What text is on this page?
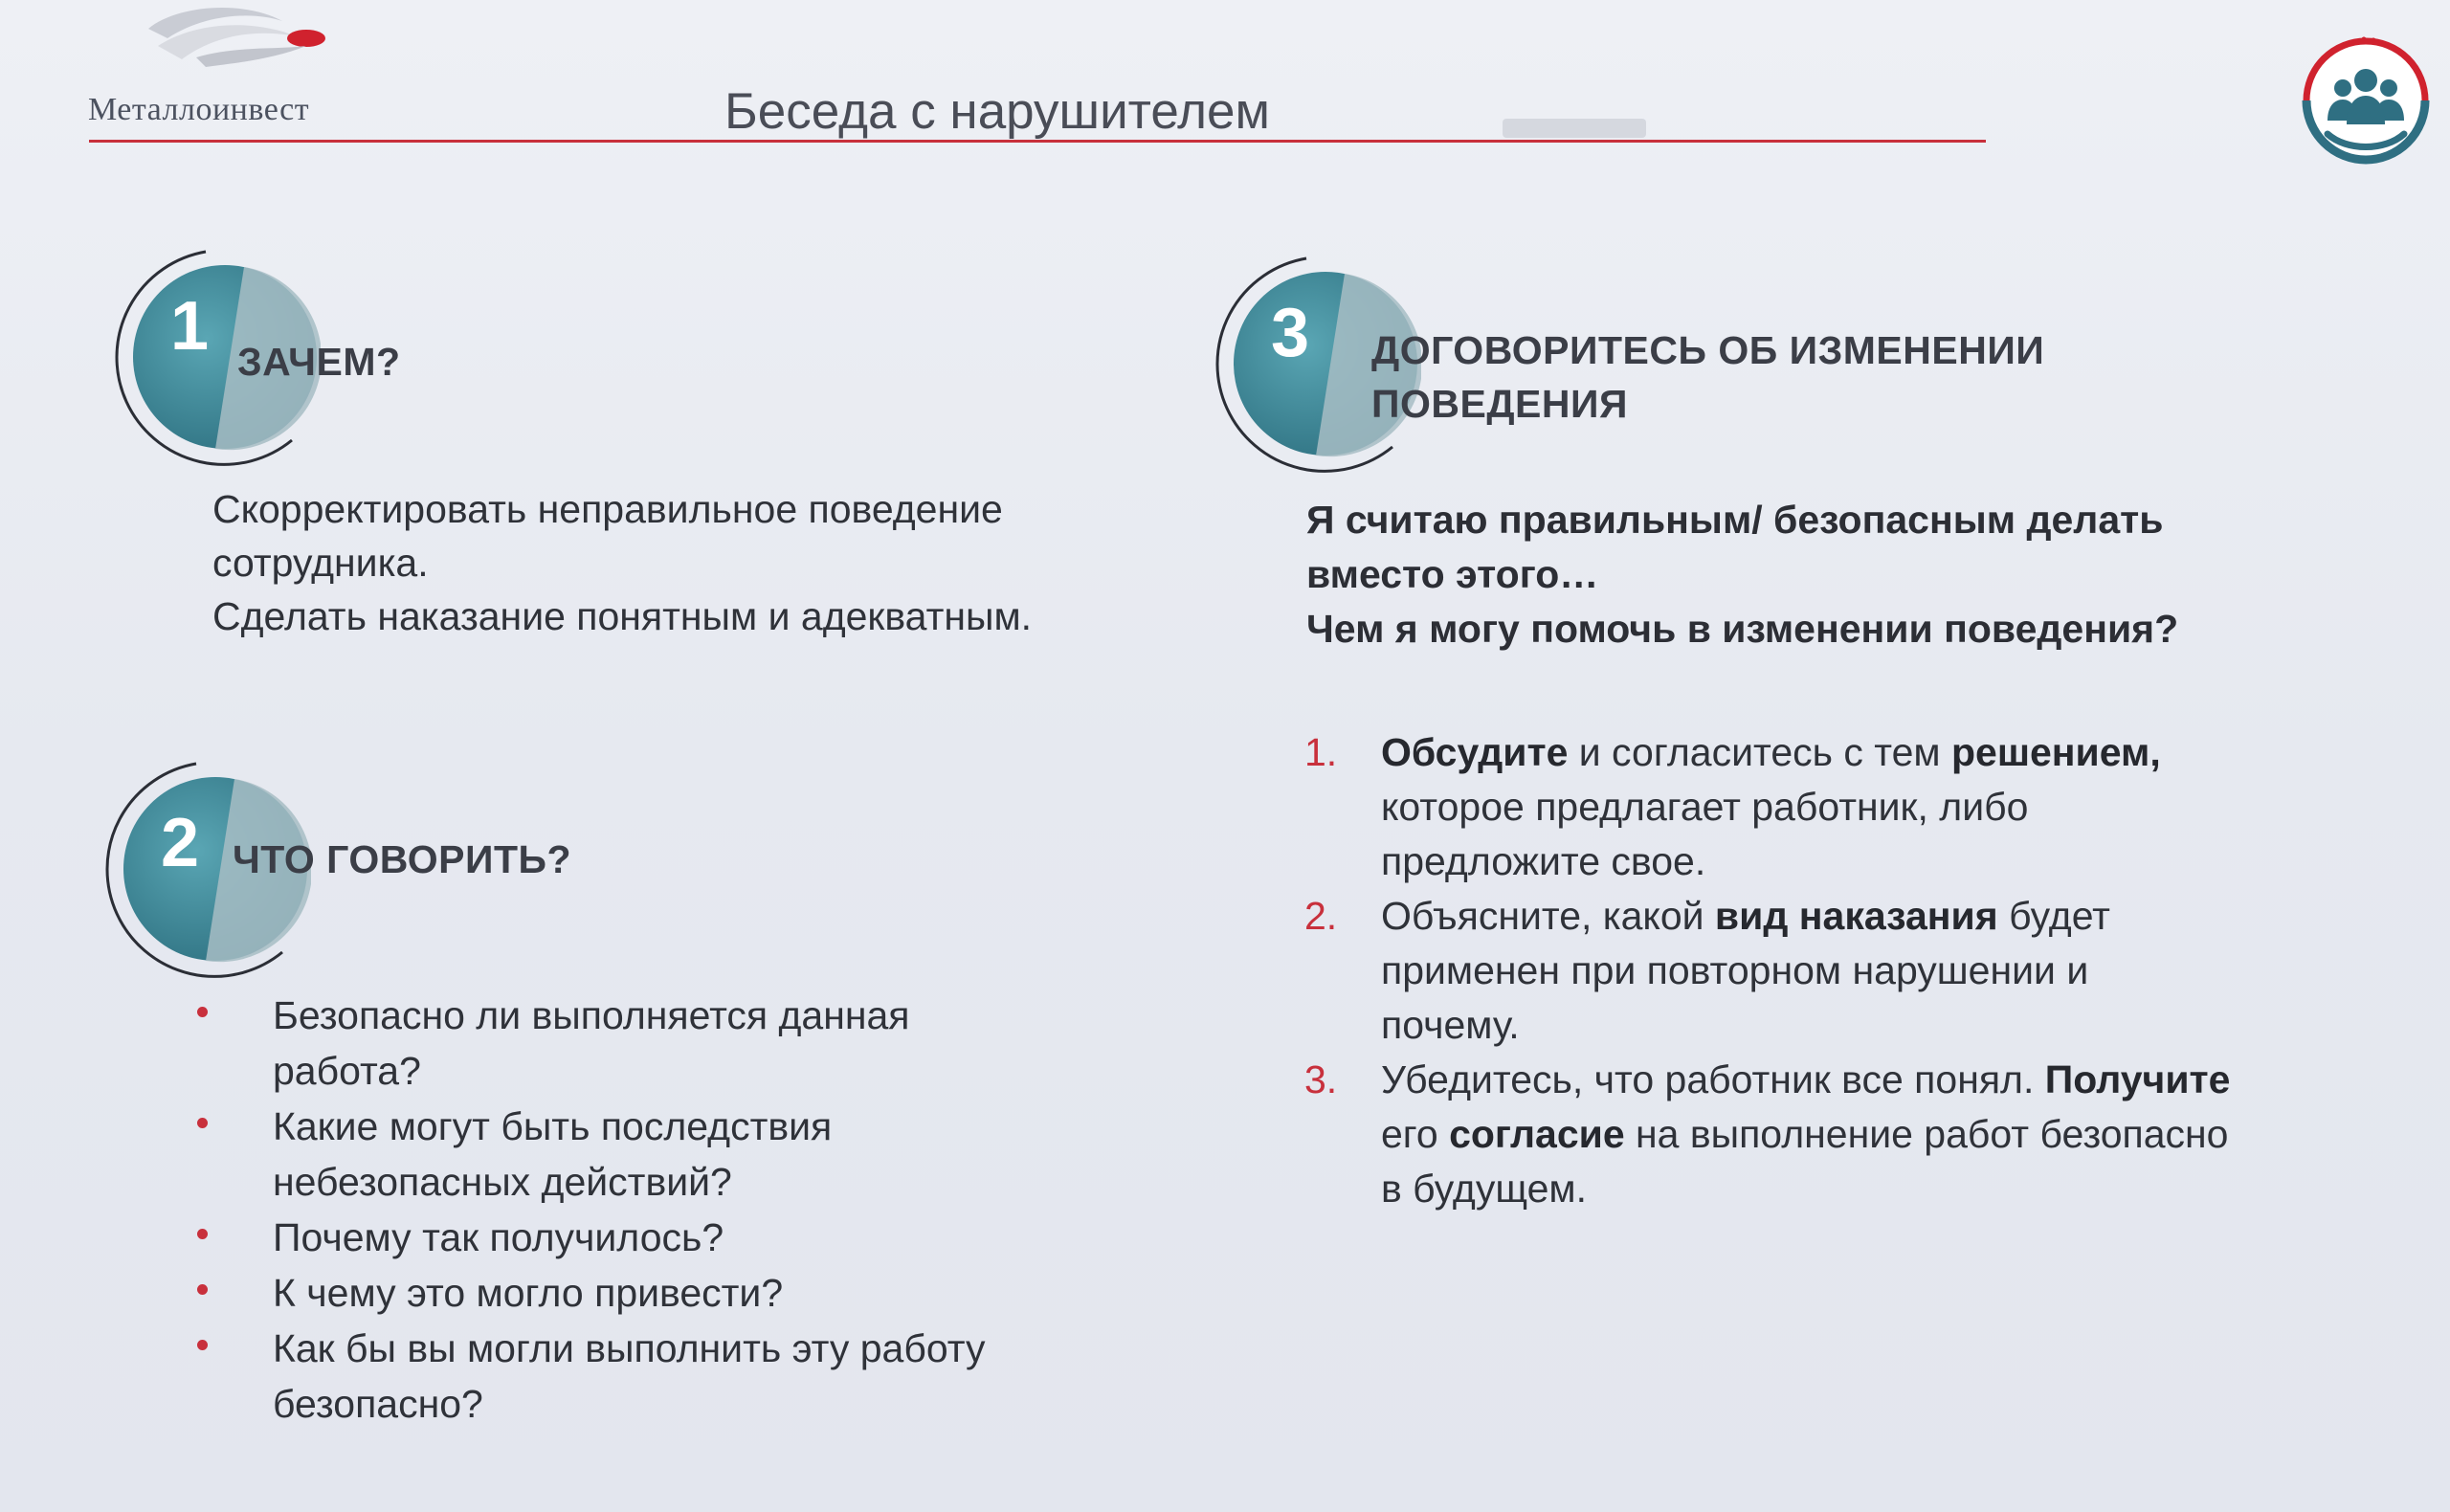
Металлоинвест	Беседа с нарушителем
1 ЗАЧЕМ?
Скорректировать неправильное поведение
сотрудника.
Сделать наказание понятным и адекватным.
2 ЧТО ГОВОРИТЬ?
Безопасно ли выполняется данная
работа?
Какие могут быть последствия
небезопасных действий?
Почему так получилось?
К чему это могло привести?
Как бы вы могли выполнить эту работу
безопасно?
3 ДОГОВОРИТЕСЬ ОБ ИЗМЕНЕНИИ
ПОВЕДЕНИЯ
Я считаю правильным/ безопасным делать
вместо этого…
Чем я могу помочь в изменении поведения?
1. Обсудите и согласитесь с тем решением,
которое предлагает работник, либо
предложите свое.
2. Объясните, какой вид наказания будет
применен при повторном нарушении и
почему.
3. Убедитесь, что работник все понял. Получите
его согласие на выполнение работ безопасно
в будущем.
